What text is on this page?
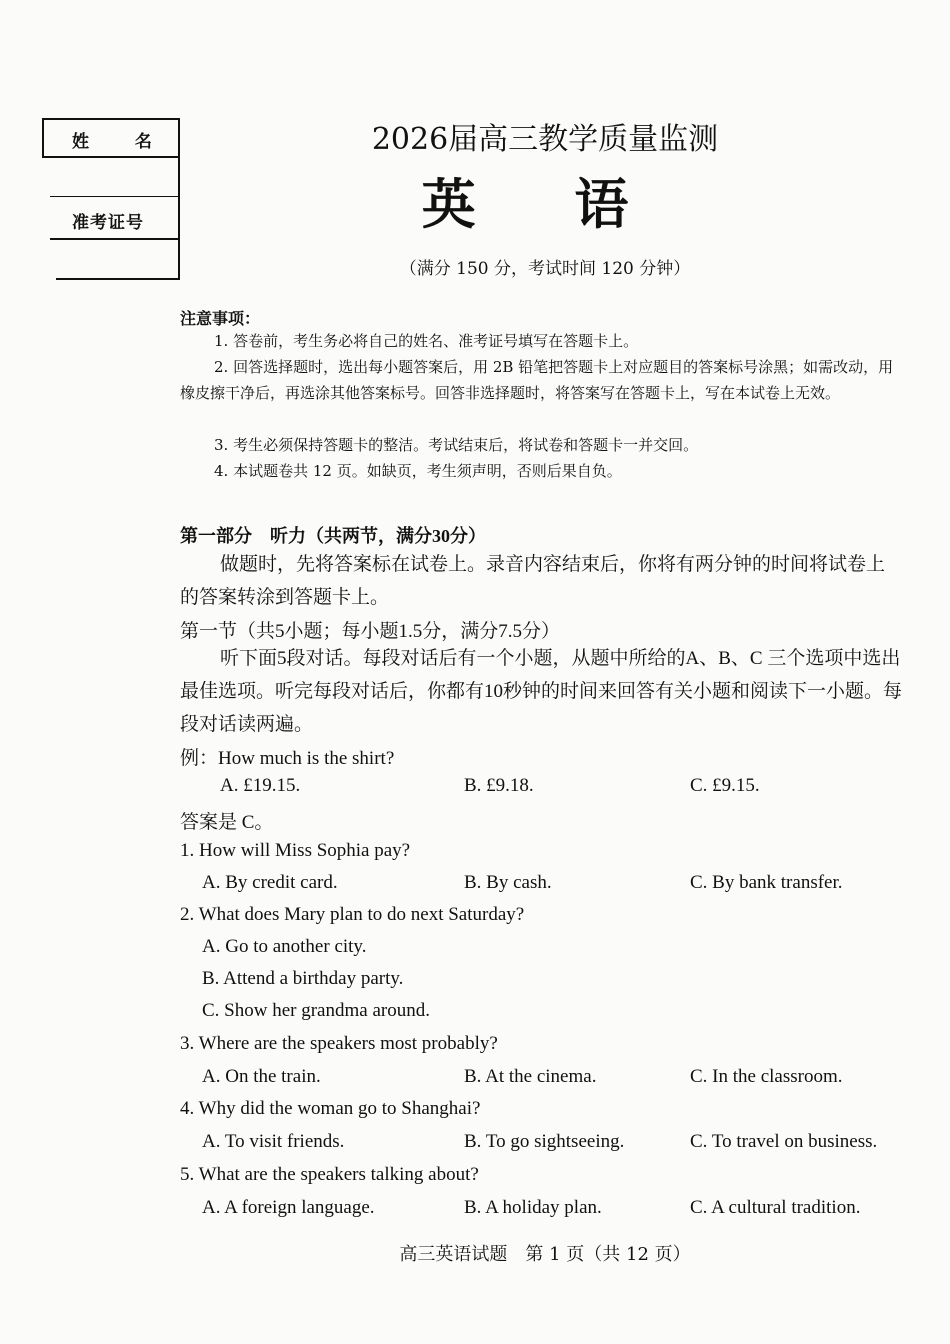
姓 名
准考证号
2026届高三教学质量监测
英 语
（满分 150 分，考试时间 120 分钟）
注意事项：
1. 答卷前，考生务必将自己的姓名、准考证号填写在答题卡上。
2. 回答选择题时，选出每小题答案后，用 2B 铅笔把答题卡上对应题目的答案标号涂黑；如需改动，用橡皮擦干净后，再选涂其他答案标号。回答非选择题时，将答案写在答题卡上，写在本试卷上无效。
3. 考生必须保持答题卡的整洁。考试结束后，将试卷和答题卡一并交回。
4. 本试题卷共 12 页。如缺页，考生须声明，否则后果自负。
第一部分　听力（共两节，满分30分）
做题时，先将答案标在试卷上。录音内容结束后，你将有两分钟的时间将试卷上的答案转涂到答题卡上。
第一节（共5小题；每小题1.5分，满分7.5分）
听下面5段对话。每段对话后有一个小题，从题中所给的A、B、C 三个选项中选出最佳选项。听完每段对话后，你都有10秒钟的时间来回答有关小题和阅读下一小题。每段对话读两遍。
例：How much is the shirt?
A. £19.15.	B. £9.18.	C. £9.15.
答案是 C。
1. How will Miss Sophia pay?
A. By credit card.	B. By cash.	C. By bank transfer.
2. What does Mary plan to do next Saturday?
A. Go to another city.
B. Attend a birthday party.
C. Show her grandma around.
3. Where are the speakers most probably?
A. On the train.	B. At the cinema.	C. In the classroom.
4. Why did the woman go to Shanghai?
A. To visit friends.	B. To go sightseeing.	C. To travel on business.
5. What are the speakers talking about?
A. A foreign language.	B. A holiday plan.	C. A cultural tradition.
高三英语试题　第 1 页（共 12 页）
